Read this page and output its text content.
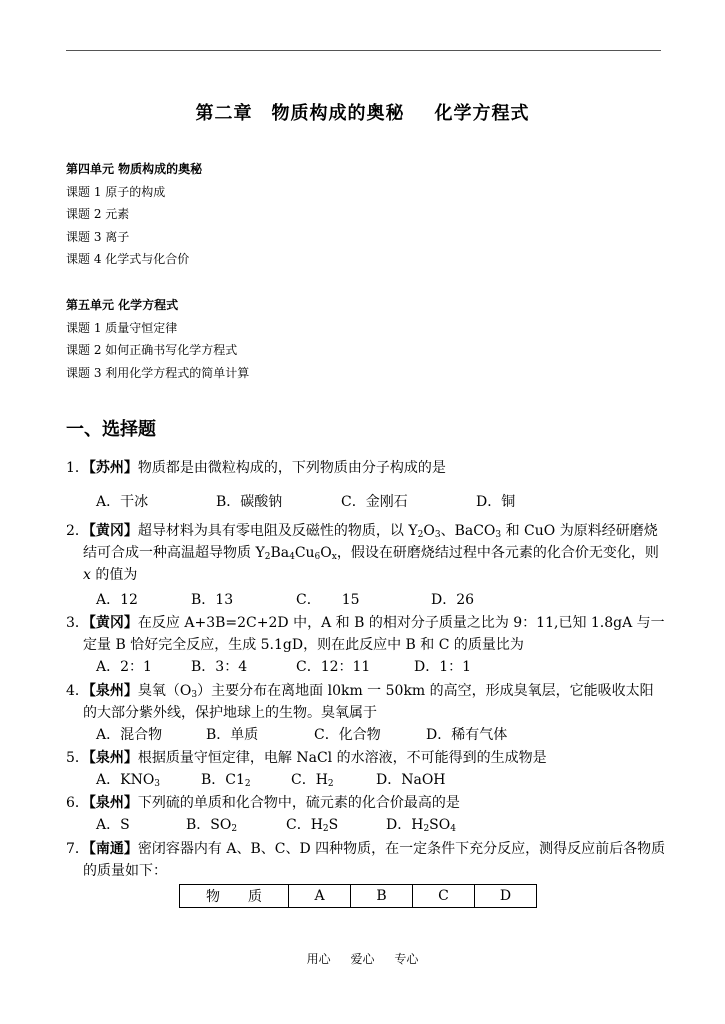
第二章　物质构成的奥秘 化学方程式
第四单元 物质构成的奥秘
课题 1 原子的构成
课题 2 元素
课题 3 离子
课题 4 化学式与化合价
第五单元 化学方程式
课题 1 质量守恒定律
课题 2 如何正确书写化学方程式
课题 3 利用化学方程式的简单计算
一、选择题
1．【苏州】物质都是由微粒构成的，下列物质由分子构成的是
A．干冰	B．碳酸钠	C．金刚石	D．铜
2．【黄冈】超导材料为具有零电阻及反磁性的物质，以 $Y_2O_3$、BaCO$_3$ 和 CuO 为原料经研磨烧结可合成一种高温超导物质 $Y_2Ba_4Cu_6O_x$，假设在研磨烧结过程中各元素的化合价无变化，则x 的值为
A．12	B．13	C．　　15	D．26
3．【黄冈】在反应 A+3B=2C+2D 中，A 和 B 的相对分子质量之比为 9：11,已知 1.8gA 与一定量 B 恰好完全反应，生成 5.1gD，则在此反应中 B 和 C 的质量比为
A．2：1	B．3：4	C．12：11	D．1：1
4．【泉州】臭氧$(O_3)$主要分布在离地面 l0km 一 50km 的高空，形成臭氧层，它能吸收太阳的大部分紫外线，保护地球上的生物。臭氧属于
A．混合物	B．单质	C．化合物	D．稀有气体
5．【泉州】根据质量守恒定律，电解 NaCl 的水溶液，不可能得到的生成物是
A．$KNO_3$	B．$C1_2$	C．$H_2$	D．NaOH
6．【泉州】下列硫的单质和化合物中，硫元素的化合价最高的是
A．S	B．$SO_2$	C．$H_2S$	D．$H_2SO_4$
7．【南通】密闭容器内有 A、B、C、D 四种物质，在一定条件下充分反应，测得反应前后各物质的质量如下：
物　　质	A	B	C	D
用心 爱心 专心
